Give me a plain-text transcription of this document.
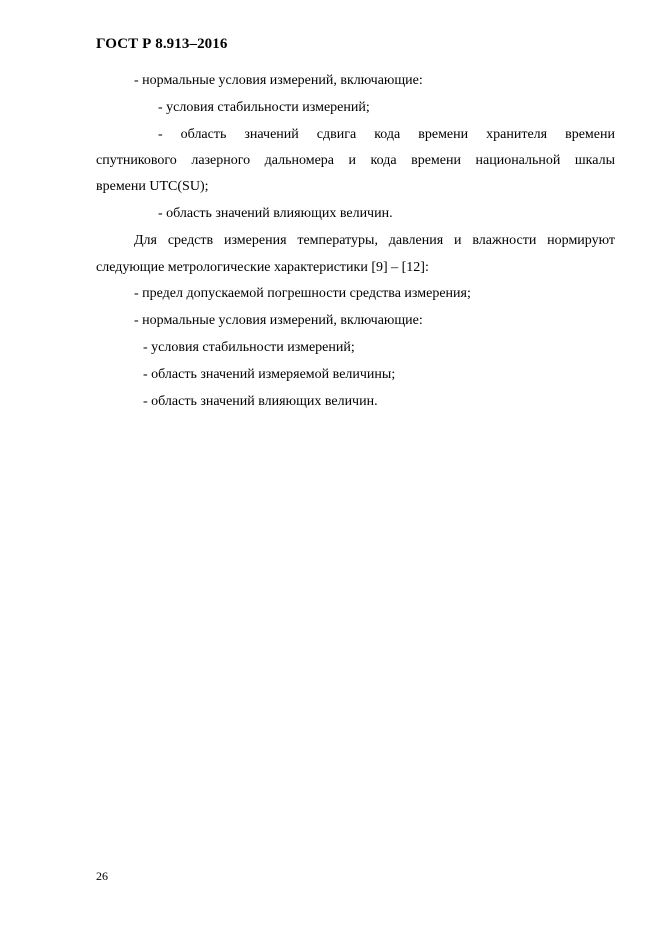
ГОСТ Р 8.913–2016
- нормальные условия измерений, включающие:
- условия стабильности измерений;
- область значений сдвига кода времени хранителя времени
спутникового лазерного дальномера и кода времени национальной шкалы
времени UTC(SU);
- область значений влияющих величин.
Для средств измерения температуры, давления и влажности нормируют
следующие метрологические характеристики [9] – [12]:
- предел допускаемой погрешности средства измерения;
- нормальные условия измерений, включающие:
- условия стабильности измерений;
- область значений измеряемой величины;
- область значений влияющих величин.
26
